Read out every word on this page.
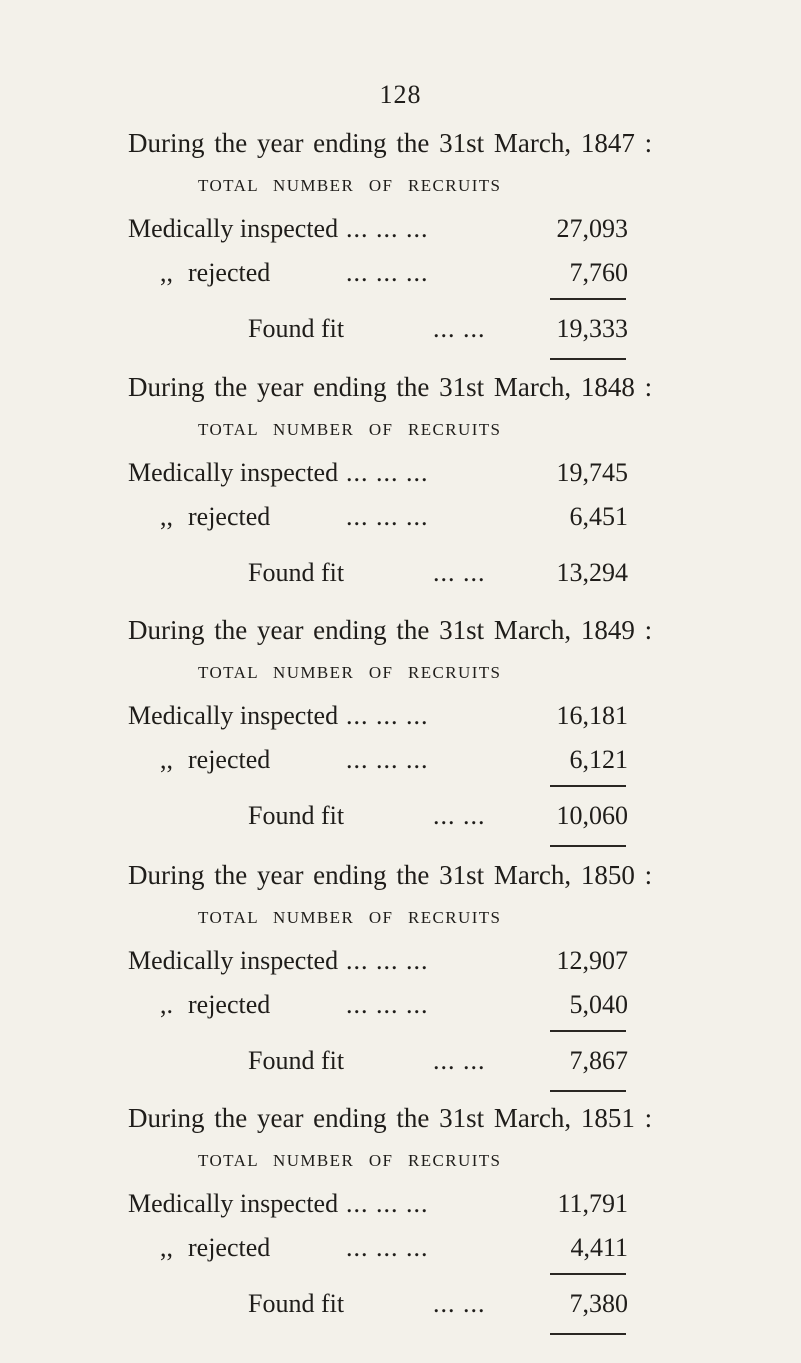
128
During the year ending the 31st March, 1847 :
TOTAL NUMBER OF RECRUITS
Medically inspected ... ... ...	27,093
,, rejected	... ... ...	7,760
Found fit	... ...	19,333
During the year ending the 31st March, 1848 :
TOTAL NUMBER OF RECRUITS
Medically inspected ... ... ...	19,745
,, rejected	... ... ...	6,451
Found fit	... ...	13,294
During the year ending the 31st March, 1849 :
TOTAL NUMBER OF RECRUITS
Medically inspected ... ... ...	16,181
,, rejected	... ... ...	6,121
Found fit	... ...	10,060
During the year ending the 31st March, 1850 :
TOTAL NUMBER OF RECRUITS
Medically inspected ... ... ...	12,907
,. rejected	... ... ...	5,040
Found fit	... ...	7,867
During the year ending the 31st March, 1851 :
TOTAL NUMBER OF RECRUITS
Medically inspected ... ... ...	11,791
,, rejected	... ... ...	4,411
Found fit	... ...	7,380
